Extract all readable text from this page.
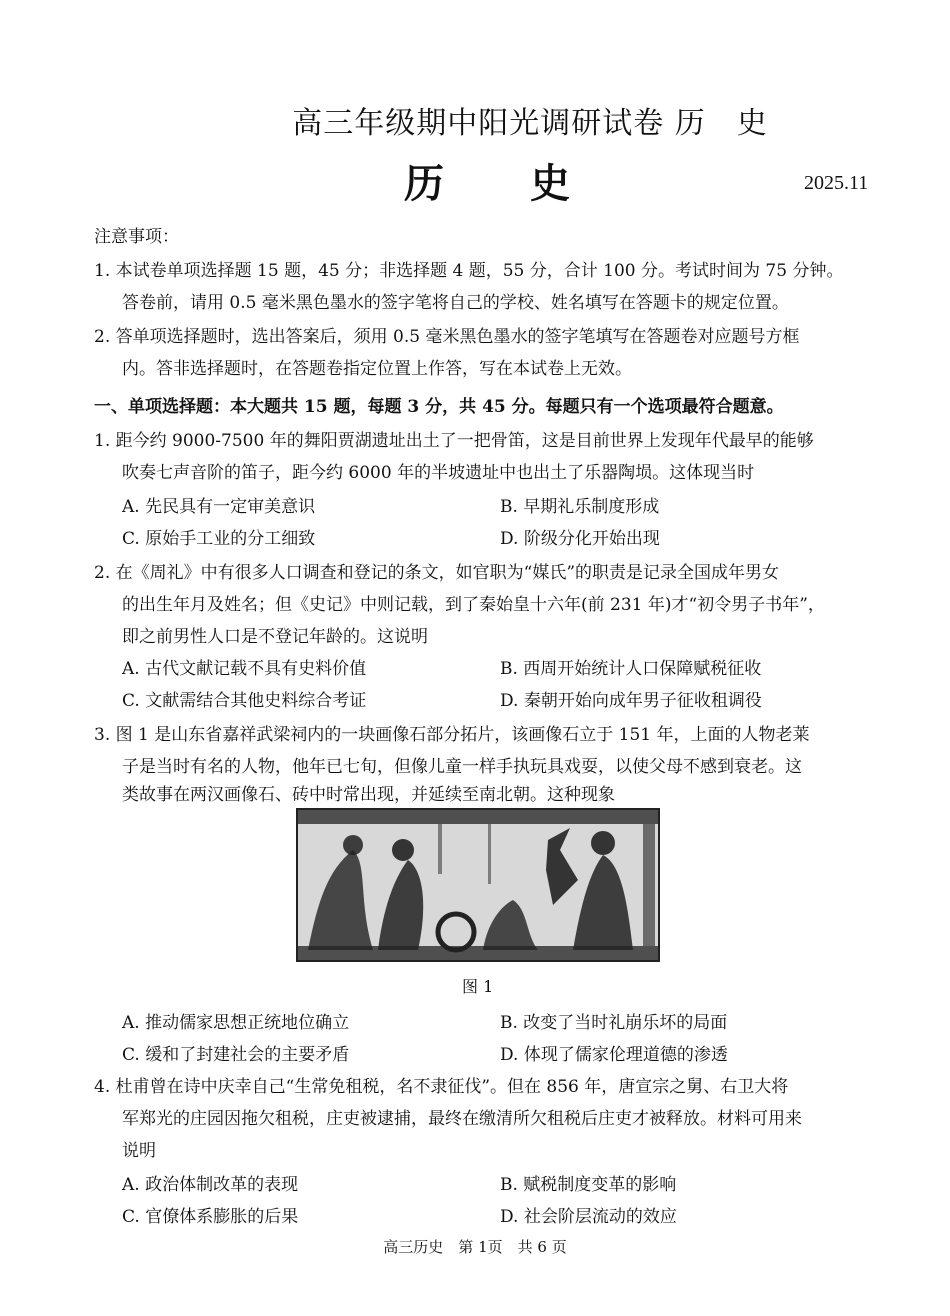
高三年级期中阳光调研试卷 历　史
历 史	2025.11
注意事项：
1. 本试卷单项选择题 15 题，45 分；非选择题 4 题，55 分，合计 100 分。考试时间为 75 分钟。
答卷前，请用 0.5 毫米黑色墨水的签字笔将自己的学校、姓名填写在答题卡的规定位置。
2. 答单项选择题时，选出答案后，须用 0.5 毫米黑色墨水的签字笔填写在答题卷对应题号方框
内。答非选择题时，在答题卷指定位置上作答，写在本试卷上无效。
一、单项选择题：本大题共 15 题，每题 3 分，共 45 分。每题只有一个选项最符合题意。
1. 距今约 9000-7500 年的舞阳贾湖遗址出土了一把骨笛，这是目前世界上发现年代最早的能够
吹奏七声音阶的笛子，距今约 6000 年的半坡遗址中也出土了乐器陶埙。这体现当时
A. 先民具有一定审美意识	B. 早期礼乐制度形成
C. 原始手工业的分工细致	D. 阶级分化开始出现
2. 在《周礼》中有很多人口调查和登记的条文，如官职为“媒氏”的职责是记录全国成年男女
的出生年月及姓名；但《史记》中则记载，到了秦始皇十六年(前 231 年)才“初令男子书年”，
即之前男性人口是不登记年龄的。这说明
A. 古代文献记载不具有史料价值	B. 西周开始统计人口保障赋税征收
C. 文献需结合其他史料综合考证	D. 秦朝开始向成年男子征收租调役
3. 图 1 是山东省嘉祥武梁祠内的一块画像石部分拓片，该画像石立于 151 年，上面的人物老莱
子是当时有名的人物，他年已七旬，但像儿童一样手执玩具戏耍，以使父母不感到衰老。这
类故事在两汉画像石、砖中时常出现，并延续至南北朝。这种现象
图 1
A. 推动儒家思想正统地位确立	B. 改变了当时礼崩乐坏的局面
C. 缓和了封建社会的主要矛盾	D. 体现了儒家伦理道德的渗透
4. 杜甫曾在诗中庆幸自己“生常免租税，名不隶征伐”。但在 856 年，唐宣宗之舅、右卫大将
军郑光的庄园因拖欠租税，庄吏被逮捕，最终在缴清所欠租税后庄吏才被释放。材料可用来
说明
A. 政治体制改革的表现	B. 赋税制度变革的影响
C. 官僚体系膨胀的后果	D. 社会阶层流动的效应
高三历史　第 1页　共 6 页
